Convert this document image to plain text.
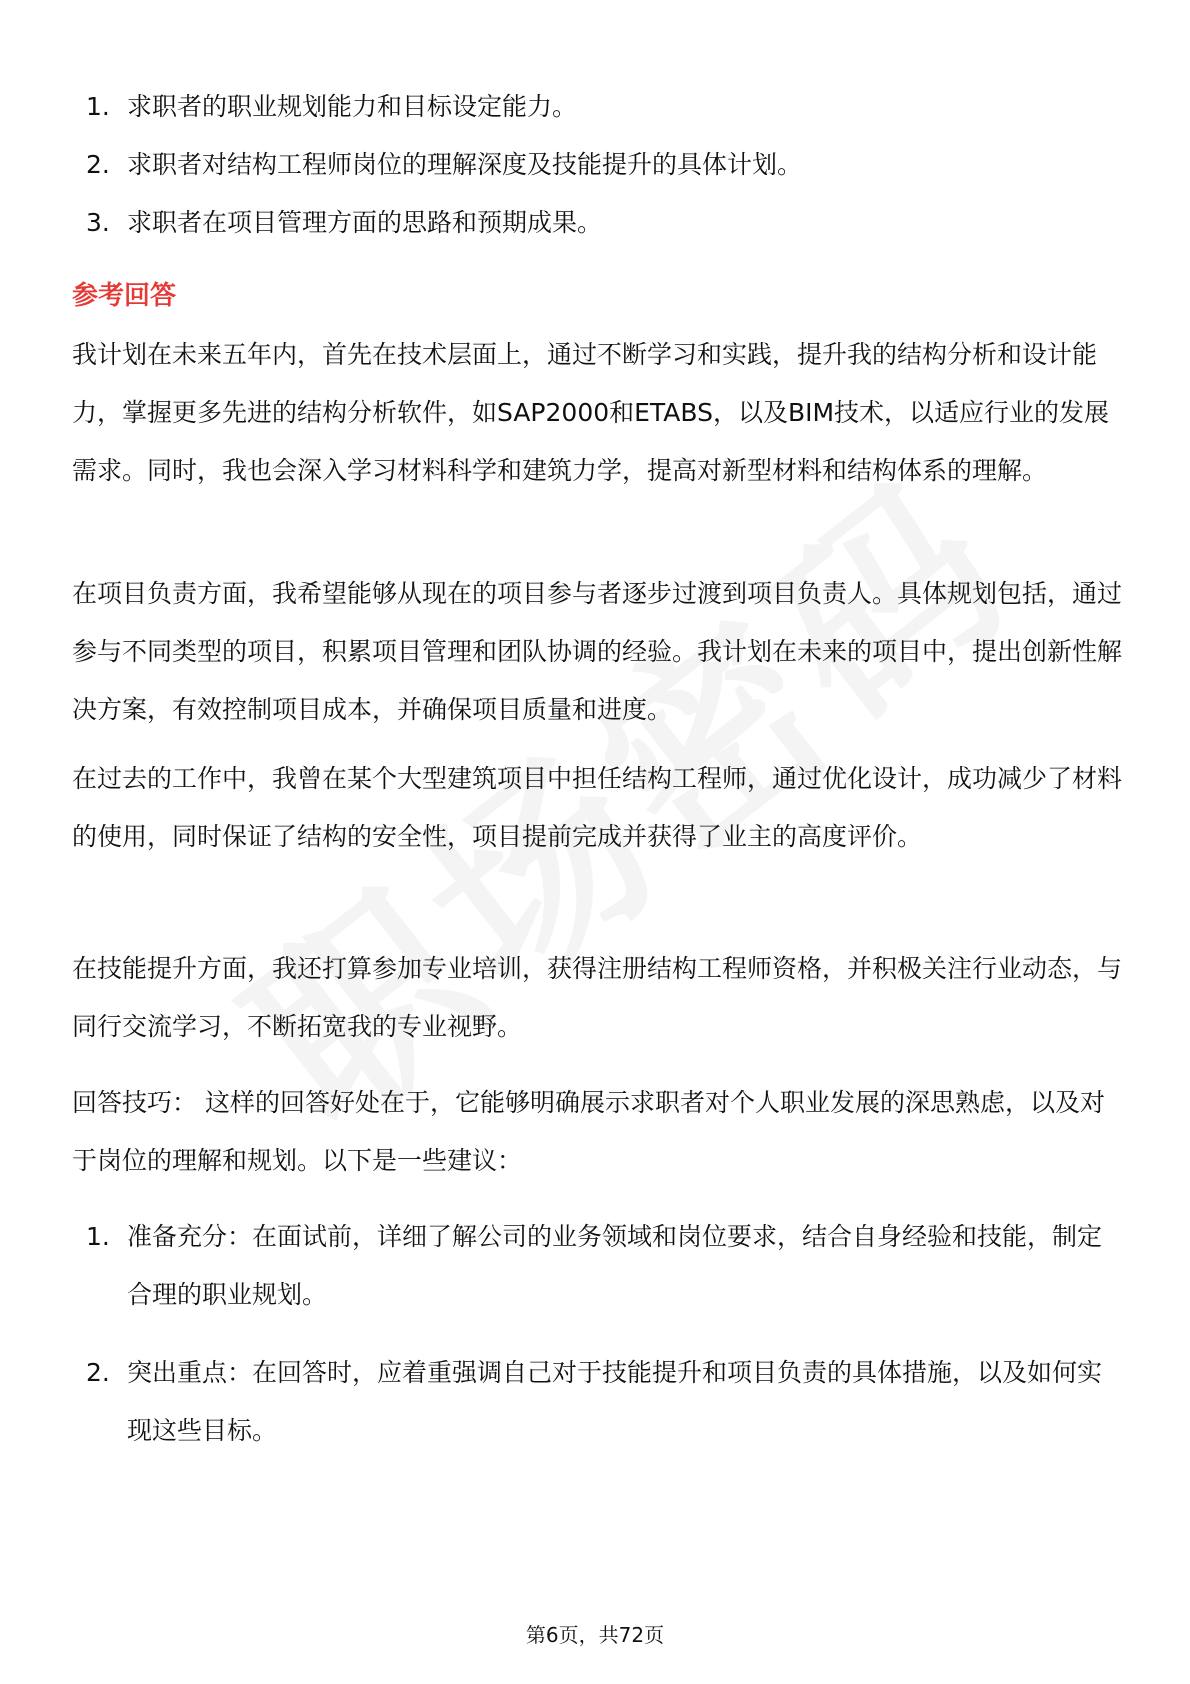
1. 求职者的职业规划能力和目标设定能力。
2. 求职者对结构工程师岗位的理解深度及技能提升的具体计划。
3. 求职者在项目管理方面的思路和预期成果。
参考回答
我计划在未来五年内，首先在技术层面上，通过不断学习和实践，提升我的结构分析和设计能力，掌握更多先进的结构分析软件，如SAP2000和ETABS，以及BIM技术，以适应行业的发展需求。同时，我也会深入学习材料科学和建筑力学，提高对新型材料和结构体系的理解。
在项目负责方面，我希望能够从现在的项目参与者逐步过渡到项目负责人。具体规划包括，通过参与不同类型的项目，积累项目管理和团队协调的经验。我计划在未来的项目中，提出创新性解决方案，有效控制项目成本，并确保项目质量和进度。
在过去的工作中，我曾在某个大型建筑项目中担任结构工程师，通过优化设计，成功减少了材料的使用，同时保证了结构的安全性，项目提前完成并获得了业主的高度评价。
在技能提升方面，我还打算参加专业培训，获得注册结构工程师资格，并积极关注行业动态，与同行交流学习，不断拓宽我的专业视野。
回答技巧： 这样的回答好处在于，它能够明确展示求职者对个人职业发展的深思熟虑，以及对于岗位的理解和规划。以下是一些建议：
1. 准备充分：在面试前，详细了解公司的业务领域和岗位要求，结合自身经验和技能，制定合理的职业规划。
2. 突出重点：在回答时，应着重强调自己对于技能提升和项目负责的具体措施，以及如何实现这些目标。
第6页，共72页
